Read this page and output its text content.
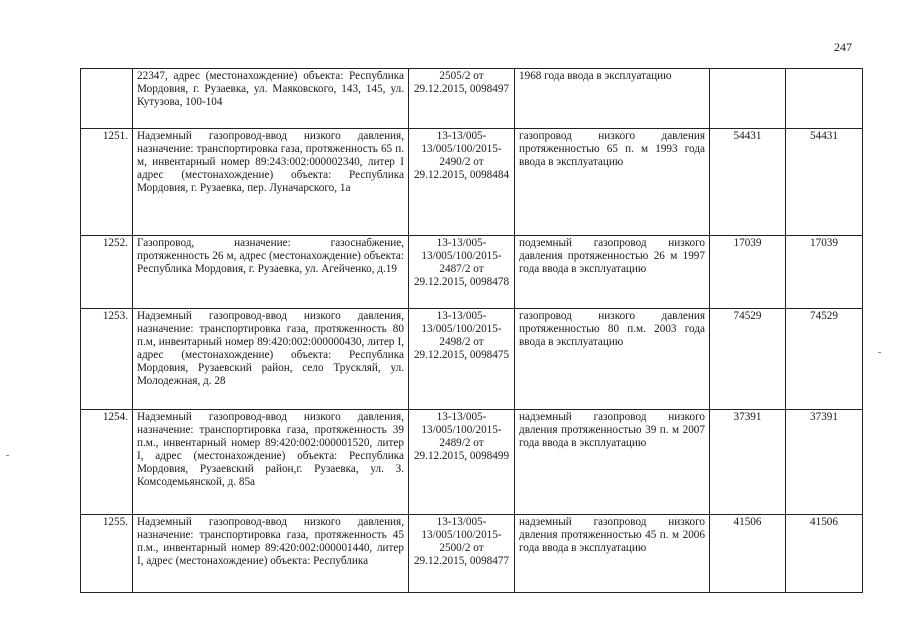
247
	22347, адрес (местонахождение) объекта: Республика Мордовия, г. Рузаевка, ул. Маяковского, 143, 145, ул. Кутузова, 100-104	2505/2 от 29.12.2015, 0098497	1968 года ввода в эксплуатацию		
1251.	Надземный газопровод-ввод низкого давления, назначение: транспортировка газа, протяженность 65 п. м, инвентарный номер 89:243:002:000002340, литер I адрес (местонахождение) объекта: Республика Мордовия, г. Рузаевка, пер. Луначарского, 1а	13-13/005-13/005/100/2015-2490/2 от 29.12.2015, 0098484	газопровод низкого давления протяженностью 65 п. м 1993 года ввода в эксплуатацию	54431	54431
1252.	Газопровод, назначение: газоснабжение, протяженность 26 м, адрес (местонахождение) объекта: Республика Мордовия, г. Рузаевка, ул. Агейченко, д.19	13-13/005-13/005/100/2015-2487/2 от 29.12.2015, 0098478	подземный газопровод низкого давления протяженностью 26 м 1997 года ввода в эксплуатацию	17039	17039
1253.	Надземный газопровод-ввод низкого давления, назначение: транспортировка газа, протяженность 80 п.м, инвентарный номер 89:420:002:000000430, литер I, адрес (местонахождение) объекта: Республика Мордовия, Рузаевский район, село Трускляй, ул. Молодежная, д. 28	13-13/005-13/005/100/2015-2498/2 от 29.12.2015, 0098475	газопровод низкого давления протяженностью 80 п.м. 2003 года ввода в эксплуатацию	74529	74529
1254.	Надземный газопровод-ввод низкого давления, назначение: транспортировка газа, протяженность 39 п.м., инвентарный номер 89:420:002:000001520, литер I, адрес (местонахождение) объекта: Республика Мордовия, Рузаевский район,г. Рузаевка, ул. З. Комсодемьянской, д. 85а	13-13/005-13/005/100/2015-2489/2 от 29.12.2015, 0098499	надземный газопровод низкого двления протяженностью 39 п. м 2007 года ввода в эксплуатацию	37391	37391
1255.	Надземный газопровод-ввод низкого давления, назначение: транспортировка газа, протяженность 45 п.м., инвентарный номер 89:420:002:000001440, литер I, адрес (местонахождение) объекта: Республика	13-13/005-13/005/100/2015-2500/2 от 29.12.2015, 0098477	надземный газопровод низкого двления протяженностью 45 п. м 2006 года ввода в эксплуатацию	41506	41506
